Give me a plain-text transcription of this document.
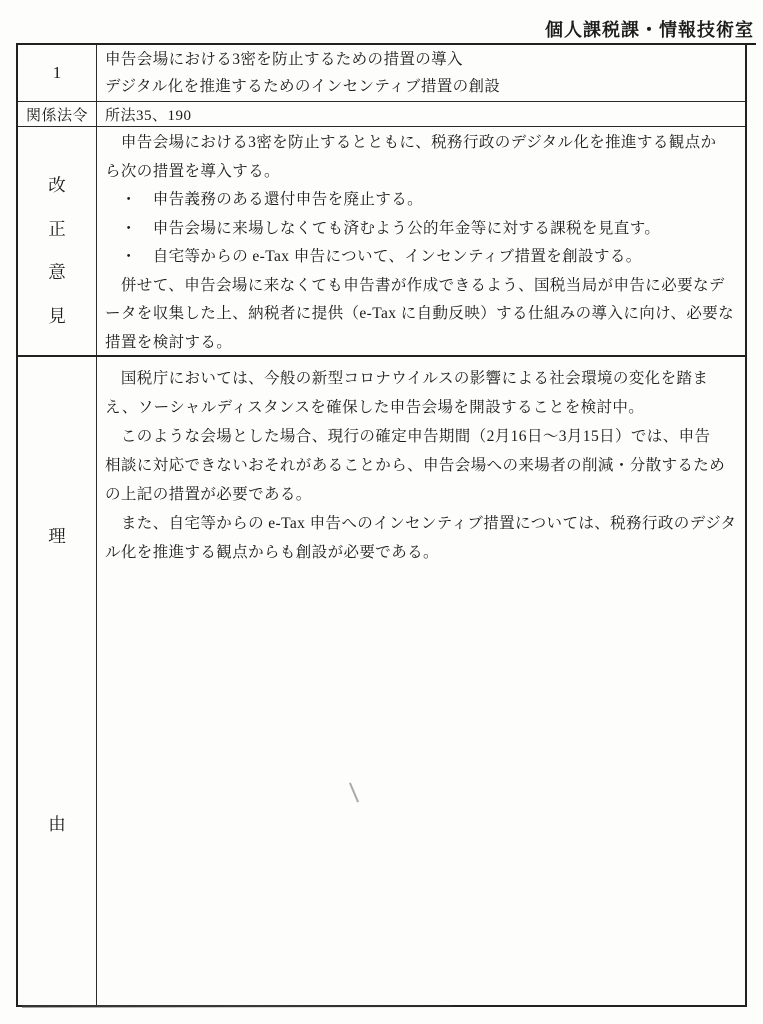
個人課税課・情報技術室
1
申告会場における3密を防止するための措置の導入
デジタル化を推進するためのインセンティブ措置の創設
関係法令 所法35、190
改
正
意
見
　申告会場における3密を防止するとともに、税務行政のデジタル化を推進する観点か
ら次の措置を導入する。
　・　申告義務のある還付申告を廃止する。
　・　申告会場に来場しなくても済むよう公的年金等に対する課税を見直す。
　・　自宅等からの e-Tax 申告について、インセンティブ措置を創設する。
　併せて、申告会場に来なくても申告書が作成できるよう、国税当局が申告に必要なデ
ータを収集した上、納税者に提供（e-Tax に自動反映）する仕組みの導入に向け、必要な
措置を検討する。
理
由
　国税庁においては、今般の新型コロナウイルスの影響による社会環境の変化を踏ま
え、ソーシャルディスタンスを確保した申告会場を開設することを検討中。
　このような会場とした場合、現行の確定申告期間（2月16日～3月15日）では、申告
相談に対応できないおそれがあることから、申告会場への来場者の削減・分散するため
の上記の措置が必要である。
　また、自宅等からの e-Tax 申告へのインセンティブ措置については、税務行政のデジタ
ル化を推進する観点からも創設が必要である。
